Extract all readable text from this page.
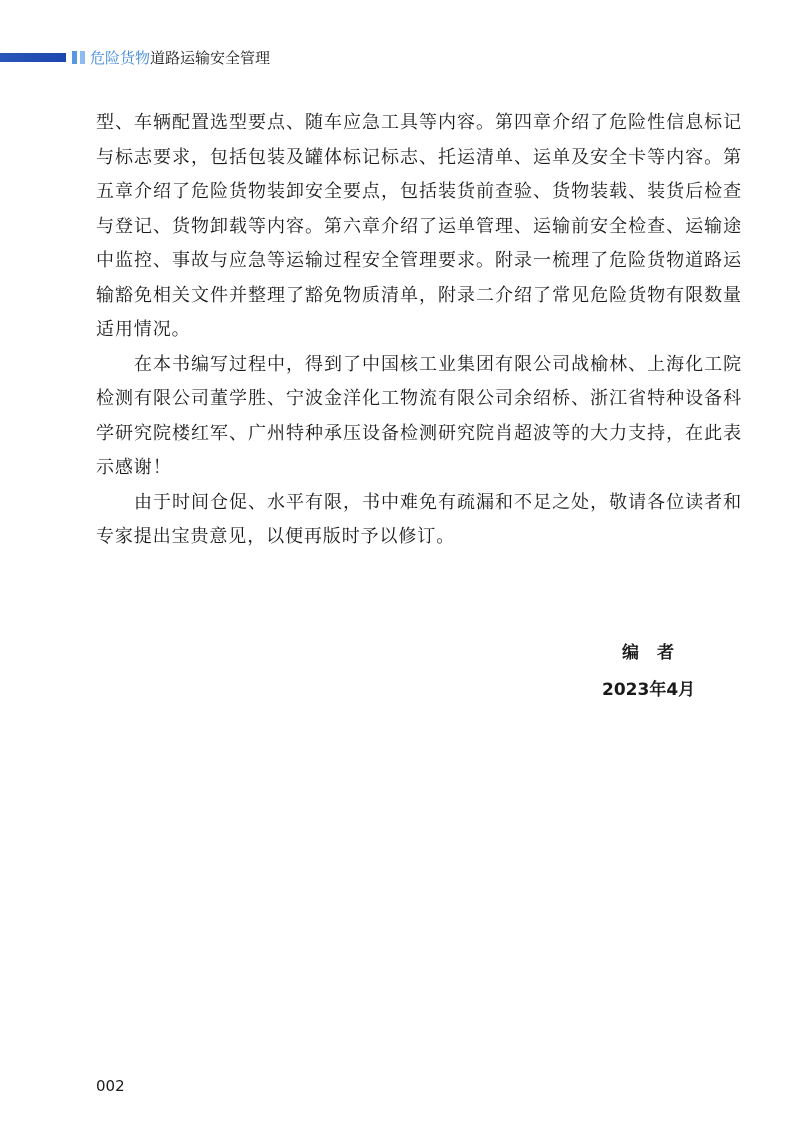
危险货物道路运输安全管理

型、车辆配置选型要点、随车应急工具等内容。第四章介绍了危险性信息标记与标志要求，包括包装及罐体标记标志、托运清单、运单及安全卡等内容。第五章介绍了危险货物装卸安全要点，包括装货前查验、货物装载、装货后检查与登记、货物卸载等内容。第六章介绍了运单管理、运输前安全检查、运输途中监控、事故与应急等运输过程安全管理要求。附录一梳理了危险货物道路运输豁免相关文件并整理了豁免物质清单，附录二介绍了常见危险货物有限数量适用情况。

在本书编写过程中，得到了中国核工业集团有限公司战榆林、上海化工院检测有限公司董学胜、宁波金洋化工物流有限公司余绍桥、浙江省特种设备科学研究院楼红军、广州特种承压设备检测研究院肖超波等的大力支持，在此表示感谢！

由于时间仓促、水平有限，书中难免有疏漏和不足之处，敬请各位读者和专家提出宝贵意见，以便再版时予以修订。

编者
2023年4月
002
